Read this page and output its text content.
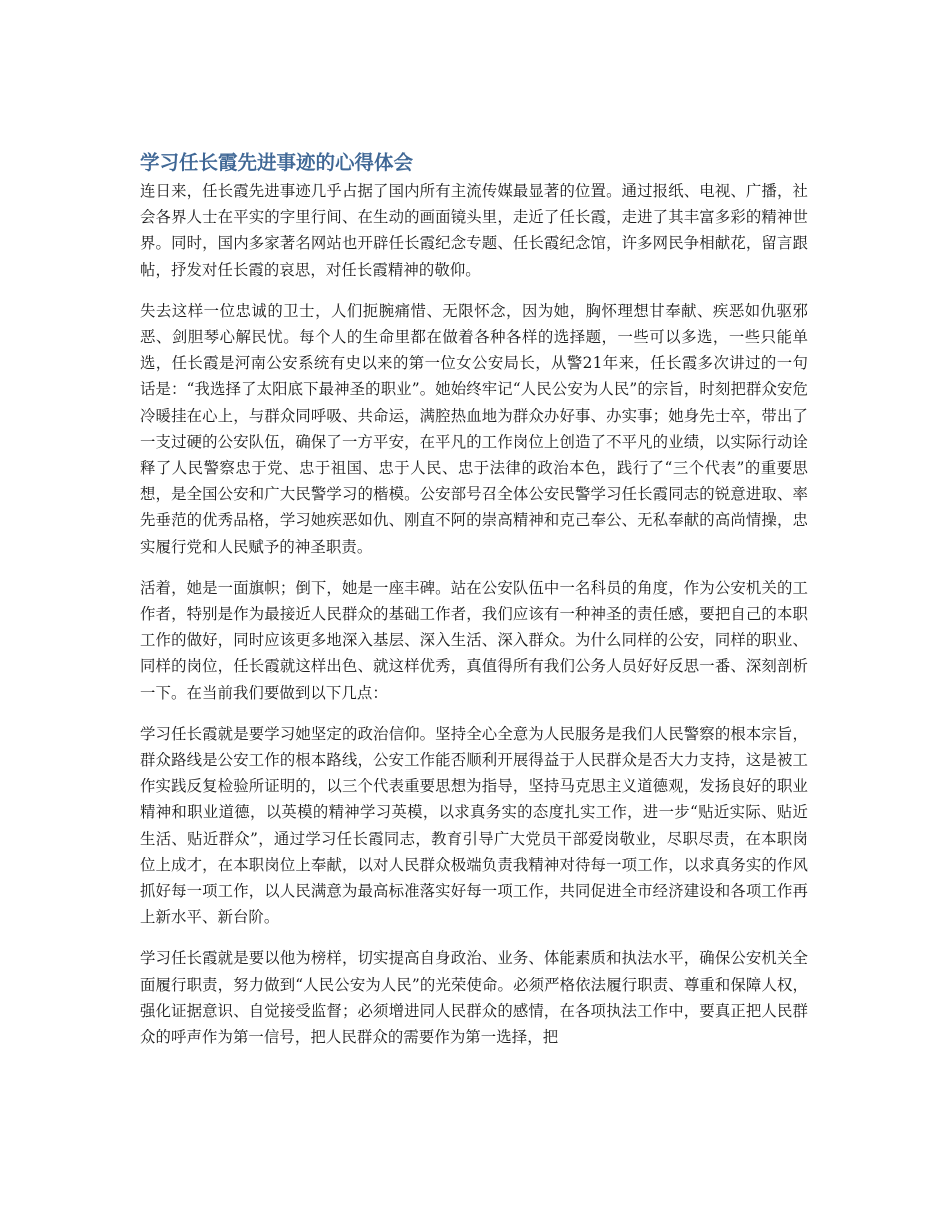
学习任长霞先进事迹的心得体会

连日来，任长霞先进事迹几乎占据了国内所有主流传媒最显著的位置。通过报纸、电视、广播，社会各界人士在平实的字里行间、在生动的画面镜头里，走近了任长霞，走进了其丰富多彩的精神世界。同时，国内多家著名网站也开辟任长霞纪念专题、任长霞纪念馆，许多网民争相献花，留言跟帖，抒发对任长霞的哀思，对任长霞精神的敬仰。

失去这样一位忠诚的卫士，人们扼腕痛惜、无限怀念，因为她，胸怀理想甘奉献、疾恶如仇驱邪恶、剑胆琴心解民忧。每个人的生命里都在做着各种各样的选择题，一些可以多选，一些只能单选，任长霞是河南公安系统有史以来的第一位女公安局长，从警21年来，任长霞多次讲过的一句话是：“我选择了太阳底下最神圣的职业”。她始终牢记“人民公安为人民”的宗旨，时刻把群众安危冷暖挂在心上，与群众同呼吸、共命运，满腔热血地为群众办好事、办实事；她身先士卒，带出了一支过硬的公安队伍，确保了一方平安，在平凡的工作岗位上创造了不平凡的业绩，以实际行动诠释了人民警察忠于党、忠于祖国、忠于人民、忠于法律的政治本色，践行了“三个代表”的重要思想，是全国公安和广大民警学习的楷模。公安部号召全体公安民警学习任长霞同志的锐意进取、率先垂范的优秀品格，学习她疾恶如仇、刚直不阿的崇高精神和克己奉公、无私奉献的高尚情操，忠实履行党和人民赋予的神圣职责。

活着，她是一面旗帜；倒下，她是一座丰碑。站在公安队伍中一名科员的角度，作为公安机关的工作者，特别是作为最接近人民群众的基础工作者，我们应该有一种神圣的责任感，要把自己的本职工作的做好，同时应该更多地深入基层、深入生活、深入群众。为什么同样的公安，同样的职业、同样的岗位，任长霞就这样出色、就这样优秀，真值得所有我们公务人员好好反思一番、深刻剖析一下。在当前我们要做到以下几点：

学习任长霞就是要学习她坚定的政治信仰。坚持全心全意为人民服务是我们人民警察的根本宗旨，群众路线是公安工作的根本路线，公安工作能否顺利开展得益于人民群众是否大力支持，这是被工作实践反复检验所证明的，以三个代表重要思想为指导，坚持马克思主义道德观，发扬良好的职业精神和职业道德，以英模的精神学习英模，以求真务实的态度扎实工作，进一步“贴近实际、贴近生活、贴近群众”，通过学习任长霞同志，教育引导广大党员干部爱岗敬业，尽职尽责，在本职岗位上成才，在本职岗位上奉献，以对人民群众极端负责我精神对待每一项工作，以求真务实的作风抓好每一项工作，以人民满意为最高标准落实好每一项工作，共同促进全市经济建设和各项工作再上新水平、新台阶。

学习任长霞就是要以他为榜样，切实提高自身政治、业务、体能素质和执法水平，确保公安机关全面履行职责，努力做到“人民公安为人民”的光荣使命。必须严格依法履行职责、尊重和保障人权，强化证据意识、自觉接受监督；必须增进同人民群众的感情，在各项执法工作中，要真正把人民群众的呼声作为第一信号，把人民群众的需要作为第一选择，把
